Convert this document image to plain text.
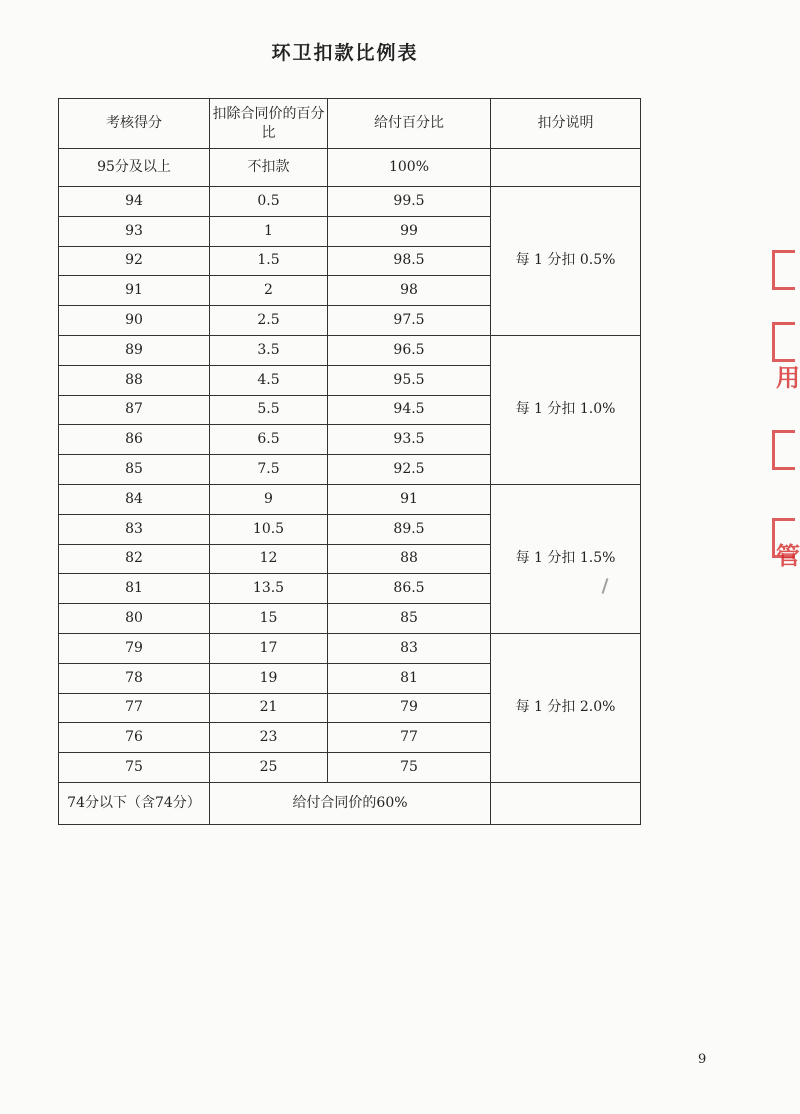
环卫扣款比例表
考核得分	扣除合同价的百分比	给付百分比	扣分说明
95分及以上	不扣款	100%	
94	0.5	99.5	每 1 分扣 0.5%
93	1	99	
92	1.5	98.5	
91	2	98	
90	2.5	97.5	
89	3.5	96.5	每 1 分扣 1.0%
88	4.5	95.5	
87	5.5	94.5	
86	6.5	93.5	
85	7.5	92.5	
84	9	91	每 1 分扣 1.5%
83	10.5	89.5	
82	12	88	
81	13.5	86.5	
80	15	85	
79	17	83	每 1 分扣 2.0%
78	19	81	
77	21	79	
76	23	77	
75	25	75	
74分以下（含74分）	给付合同价的60%		
用
管
9
